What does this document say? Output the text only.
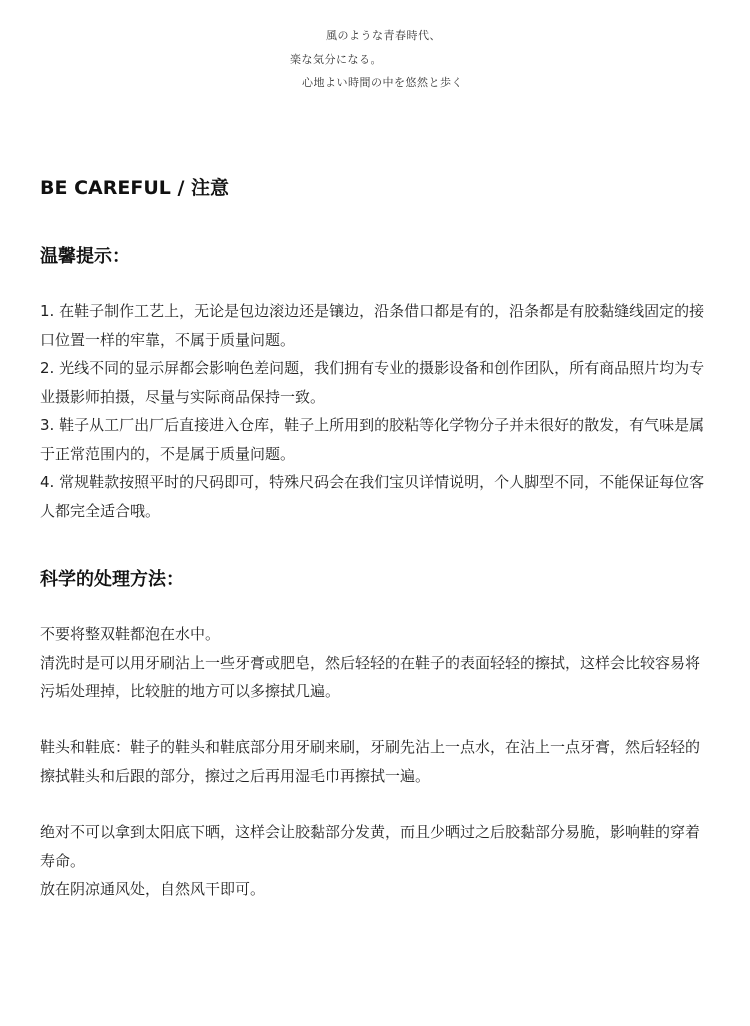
風のような青春時代、
楽な気分になる。
心地よい時間の中を悠然と歩く
BE CAREFUL / 注意
温馨提示：

1. 在鞋子制作工艺上，无论是包边滚边还是镶边，沿条借口都是有的，沿条都是有胶黏缝线固定的接口位置一样的牢靠，不属于质量问题。

2. 光线不同的显示屏都会影响色差问题，我们拥有专业的摄影设备和创作团队，所有商品照片均为专业摄影师拍摄，尽量与实际商品保持一致。

3. 鞋子从工厂出厂后直接进入仓库，鞋子上所用到的胶粘等化学物分子并未很好的散发，有气味是属于正常范围内的，不是属于质量问题。

4. 常规鞋款按照平时的尺码即可，特殊尺码会在我们宝贝详情说明，个人脚型不同，不能保证每位客人都完全适合哦。

科学的处理方法：

不要将整双鞋都泡在水中。

清洗时是可以用牙刷沾上一些牙膏或肥皂，然后轻轻的在鞋子的表面轻轻的擦拭，这样会比较容易将污垢处理掉，比较脏的地方可以多擦拭几遍。

鞋头和鞋底：鞋子的鞋头和鞋底部分用牙刷来刷，牙刷先沾上一点水，在沾上一点牙膏，然后轻轻的擦拭鞋头和后跟的部分，擦过之后再用湿毛巾再擦拭一遍。

绝对不可以拿到太阳底下晒，这样会让胶黏部分发黄，而且少晒过之后胶黏部分易脆，影响鞋的穿着寿命。

放在阴凉通风处，自然风干即可。
